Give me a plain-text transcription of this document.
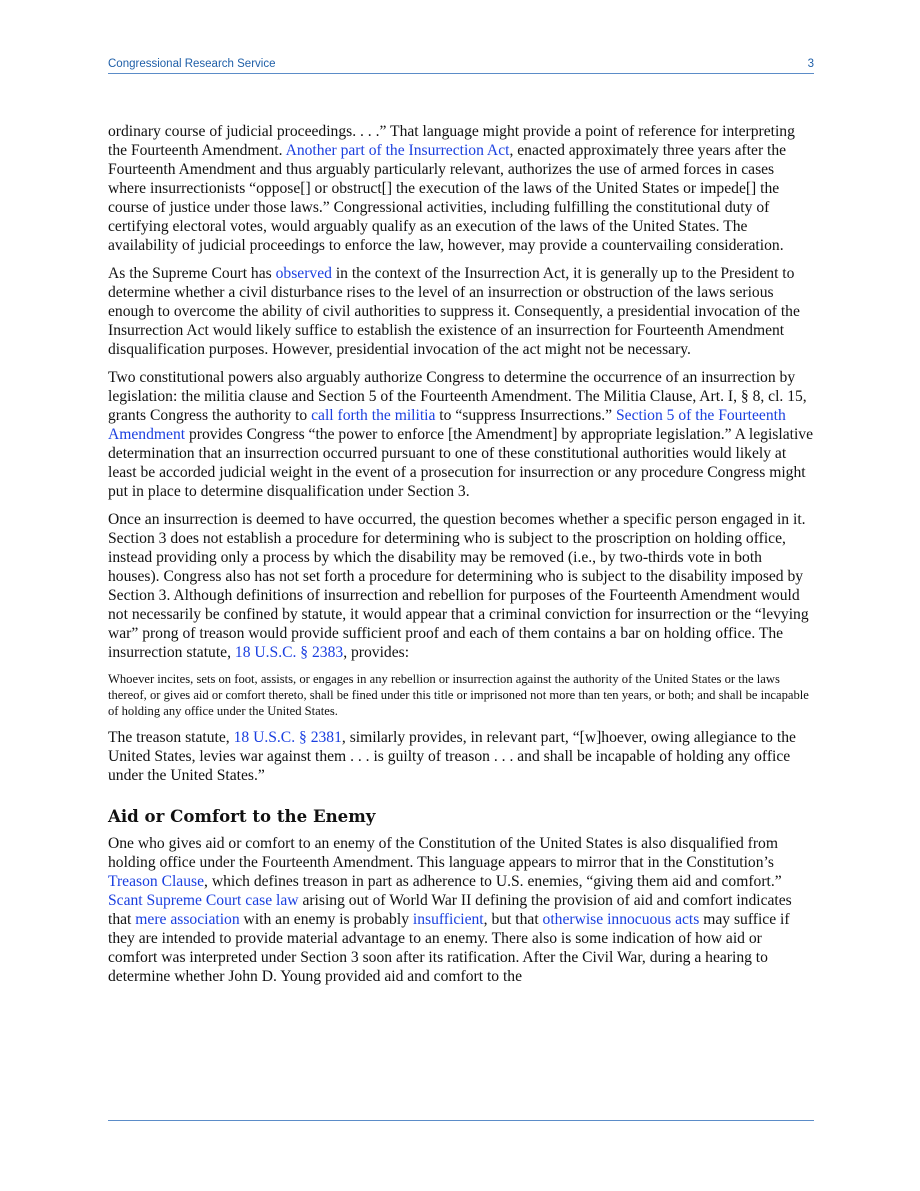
Congressional Research Service	3

ordinary course of judicial proceedings. . . .” That language might provide a point of reference for interpreting the Fourteenth Amendment. Another part of the Insurrection Act, enacted approximately three years after the Fourteenth Amendment and thus arguably particularly relevant, authorizes the use of armed forces in cases where insurrectionists “oppose[] or obstruct[] the execution of the laws of the United States or impede[] the course of justice under those laws.” Congressional activities, including fulfilling the constitutional duty of certifying electoral votes, would arguably qualify as an execution of the laws of the United States. The availability of judicial proceedings to enforce the law, however, may provide a countervailing consideration.

As the Supreme Court has observed in the context of the Insurrection Act, it is generally up to the President to determine whether a civil disturbance rises to the level of an insurrection or obstruction of the laws serious enough to overcome the ability of civil authorities to suppress it. Consequently, a presidential invocation of the Insurrection Act would likely suffice to establish the existence of an insurrection for Fourteenth Amendment disqualification purposes. However, presidential invocation of the act might not be necessary.

Two constitutional powers also arguably authorize Congress to determine the occurrence of an insurrection by legislation: the militia clause and Section 5 of the Fourteenth Amendment. The Militia Clause, Art. I, § 8, cl. 15, grants Congress the authority to call forth the militia to “suppress Insurrections.” Section 5 of the Fourteenth Amendment provides Congress “the power to enforce [the Amendment] by appropriate legislation.” A legislative determination that an insurrection occurred pursuant to one of these constitutional authorities would likely at least be accorded judicial weight in the event of a prosecution for insurrection or any procedure Congress might put in place to determine disqualification under Section 3.

Once an insurrection is deemed to have occurred, the question becomes whether a specific person engaged in it. Section 3 does not establish a procedure for determining who is subject to the proscription on holding office, instead providing only a process by which the disability may be removed (i.e., by two-thirds vote in both houses). Congress also has not set forth a procedure for determining who is subject to the disability imposed by Section 3. Although definitions of insurrection and rebellion for purposes of the Fourteenth Amendment would not necessarily be confined by statute, it would appear that a criminal conviction for insurrection or the “levying war” prong of treason would provide sufficient proof and each of them contains a bar on holding office. The insurrection statute, 18 U.S.C. § 2383, provides:

Whoever incites, sets on foot, assists, or engages in any rebellion or insurrection against the authority of the United States or the laws thereof, or gives aid or comfort thereto, shall be fined under this title or imprisoned not more than ten years, or both; and shall be incapable of holding any office under the United States.

The treason statute, 18 U.S.C. § 2381, similarly provides, in relevant part, “[w]hoever, owing allegiance to the United States, levies war against them . . . is guilty of treason . . . and shall be incapable of holding any office under the United States.”

Aid or Comfort to the Enemy

One who gives aid or comfort to an enemy of the Constitution of the United States is also disqualified from holding office under the Fourteenth Amendment. This language appears to mirror that in the Constitution’s Treason Clause, which defines treason in part as adherence to U.S. enemies, “giving them aid and comfort.” Scant Supreme Court case law arising out of World War II defining the provision of aid and comfort indicates that mere association with an enemy is probably insufficient, but that otherwise innocuous acts may suffice if they are intended to provide material advantage to an enemy. There also is some indication of how aid or comfort was interpreted under Section 3 soon after its ratification. After the Civil War, during a hearing to determine whether John D. Young provided aid and comfort to the
